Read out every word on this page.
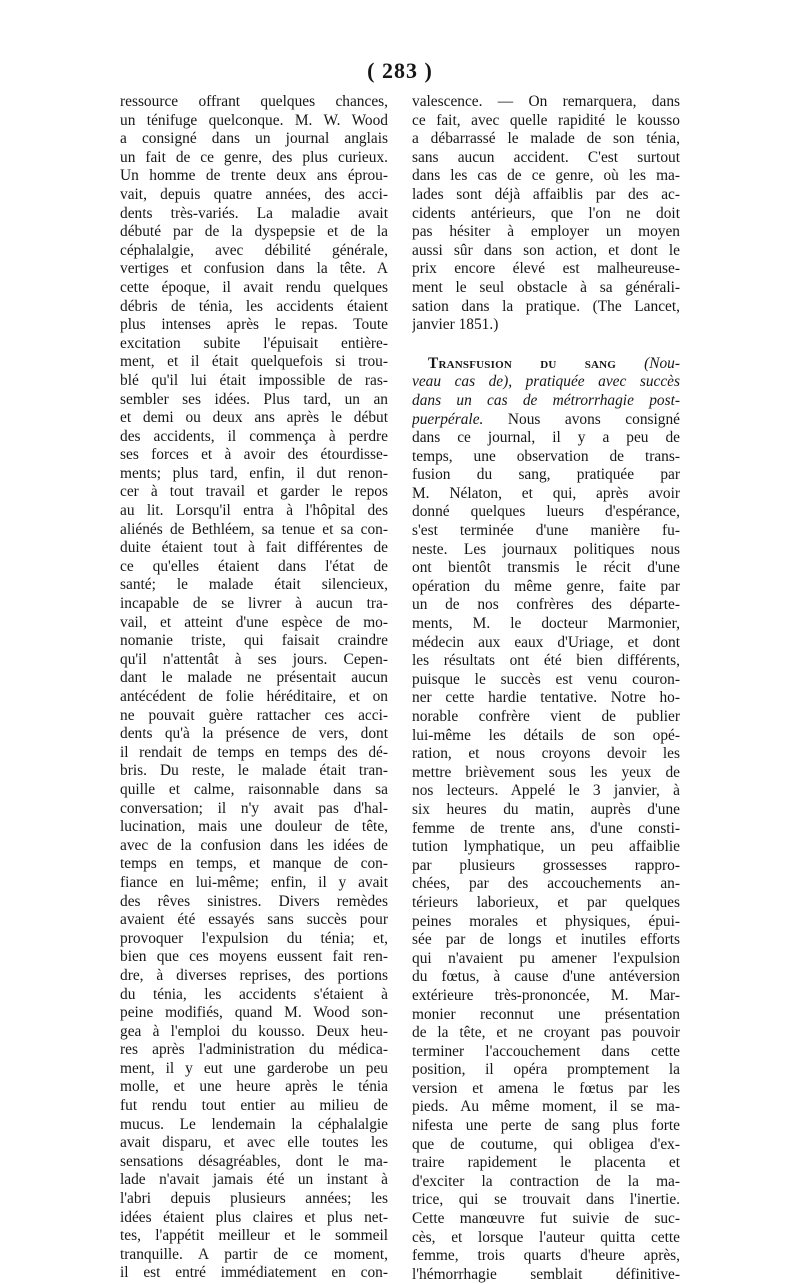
( 283 )
ressource offrant quelques chances,
un ténifuge quelconque. M. W. Wood
a consigné dans un journal anglais
un fait de ce genre, des plus curieux.
Un homme de trente deux ans éprou-
vait, depuis quatre années, des acci-
dents très-variés. La maladie avait
débuté par de la dyspepsie et de la
céphalalgie, avec débilité générale,
vertiges et confusion dans la tête. A
cette époque, il avait rendu quelques
débris de ténia, les accidents étaient
plus intenses après le repas. Toute
excitation subite l'épuisait entière-
ment, et il était quelquefois si trou-
blé qu'il lui était impossible de ras-
sembler ses idées. Plus tard, un an
et demi ou deux ans après le début
des accidents, il commença à perdre
ses forces et à avoir des étourdisse-
ments; plus tard, enfin, il dut renon-
cer à tout travail et garder le repos
au lit. Lorsqu'il entra à l'hôpital des
aliénés de Bethléem, sa tenue et sa con-
duite étaient tout à fait différentes de
ce qu'elles étaient dans l'état de
santé; le malade était silencieux,
incapable de se livrer à aucun tra-
vail, et atteint d'une espèce de mo-
nomanie triste, qui faisait craindre
qu'il n'attentât à ses jours. Cepen-
dant le malade ne présentait aucun
antécédent de folie héréditaire, et on
ne pouvait guère rattacher ces acci-
dents qu'à la présence de vers, dont
il rendait de temps en temps des dé-
bris. Du reste, le malade était tran-
quille et calme, raisonnable dans sa
conversation; il n'y avait pas d'hal-
lucination, mais une douleur de tête,
avec de la confusion dans les idées de
temps en temps, et manque de con-
fiance en lui-même; enfin, il y avait
des rêves sinistres. Divers remèdes
avaient été essayés sans succès pour
provoquer l'expulsion du ténia; et,
bien que ces moyens eussent fait ren-
dre, à diverses reprises, des portions
du ténia, les accidents s'étaient à
peine modifiés, quand M. Wood son-
gea à l'emploi du kousso. Deux heu-
res après l'administration du médica-
ment, il y eut une garderobe un peu
molle, et une heure après le ténia
fut rendu tout entier au milieu de
mucus. Le lendemain la céphalalgie
avait disparu, et avec elle toutes les
sensations désagréables, dont le ma-
lade n'avait jamais été un instant à
l'abri depuis plusieurs années; les
idées étaient plus claires et plus net-
tes, l'appétit meilleur et le sommeil
tranquille. A partir de ce moment,
il est entré immédiatement en con-
valescence. — On remarquera, dans
ce fait, avec quelle rapidité le kousso
a débarrassé le malade de son ténia,
sans aucun accident. C'est surtout
dans les cas de ce genre, où les ma-
lades sont déjà affaiblis par des ac-
cidents antérieurs, que l'on ne doit
pas hésiter à employer un moyen
aussi sûr dans son action, et dont le
prix encore élevé est malheureuse-
ment le seul obstacle à sa générali-
sation dans la pratique. (The Lancet,
janvier 1851.)
Transfusion du sang (Nou-
veau cas de), pratiquée avec succès
dans un cas de métrorrhagie post-
puerpérale. Nous avons consigné
dans ce journal, il y a peu de
temps, une observation de trans-
fusion du sang, pratiquée par
M. Nélaton, et qui, après avoir
donné quelques lueurs d'espérance,
s'est terminée d'une manière fu-
neste. Les journaux politiques nous
ont bientôt transmis le récit d'une
opération du même genre, faite par
un de nos confrères des départe-
ments, M. le docteur Marmonier,
médecin aux eaux d'Uriage, et dont
les résultats ont été bien différents,
puisque le succès est venu couron-
ner cette hardie tentative. Notre ho-
norable confrère vient de publier
lui-même les détails de son opé-
ration, et nous croyons devoir les
mettre brièvement sous les yeux de
nos lecteurs. Appelé le 3 janvier, à
six heures du matin, auprès d'une
femme de trente ans, d'une consti-
tution lymphatique, un peu affaiblie
par plusieurs grossesses rappro-
chées, par des accouchements an-
térieurs laborieux, et par quelques
peines morales et physiques, épui-
sée par de longs et inutiles efforts
qui n'avaient pu amener l'expulsion
du fœtus, à cause d'une antéversion
extérieure très-prononcée, M. Mar-
monier reconnut une présentation
de la tête, et ne croyant pas pouvoir
terminer l'accouchement dans cette
position, il opéra promptement la
version et amena le fœtus par les
pieds. Au même moment, il se ma-
nifesta une perte de sang plus forte
que de coutume, qui obligea d'ex-
traire rapidement le placenta et
d'exciter la contraction de la ma-
trice, qui se trouvait dans l'inertie.
Cette manœuvre fut suivie de suc-
cès, et lorsque l'auteur quitta cette
femme, trois quarts d'heure après,
l'hémorrhagie semblait définitive-
